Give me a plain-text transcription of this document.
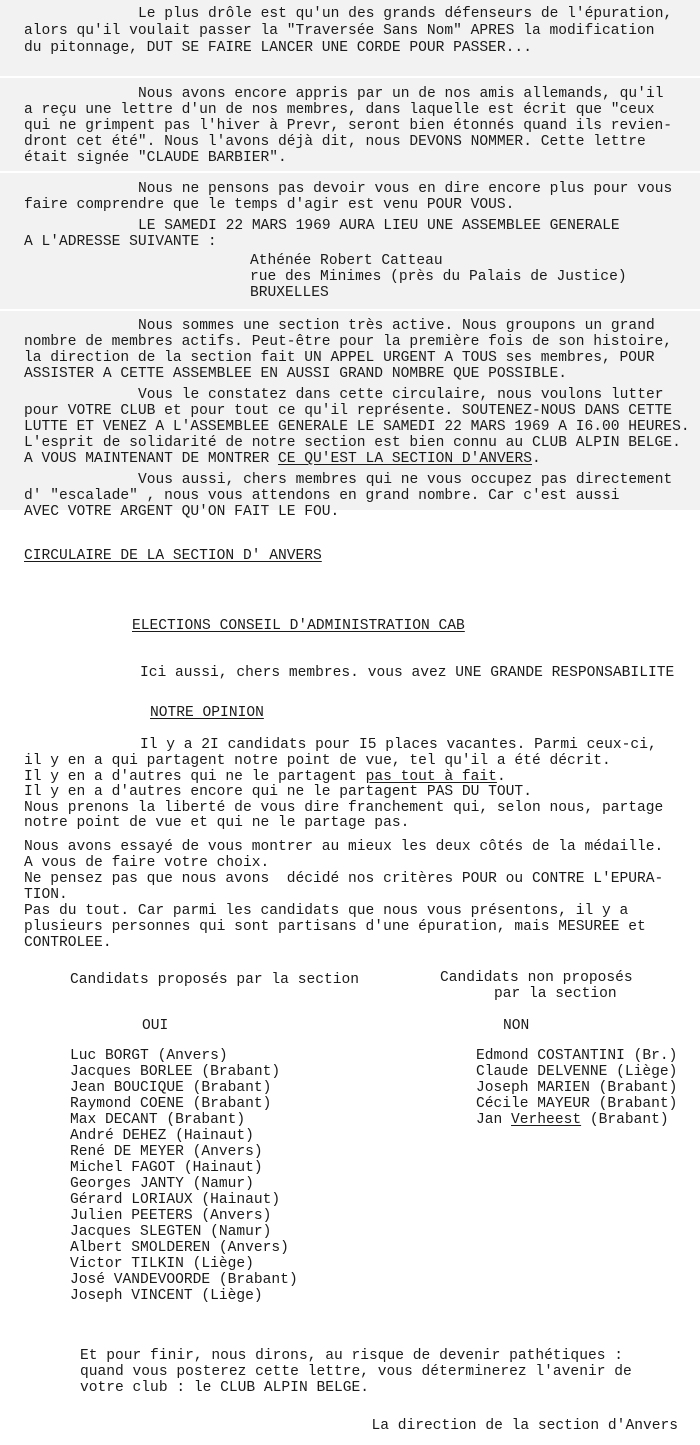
Le plus drôle est qu'un des grands défenseurs de l'épuration,
alors qu'il voulait passer la "Traversée Sans Nom" APRES la modification
du pitonnage, DUT SE FAIRE LANCER UNE CORDE POUR PASSER...
Nous avons encore appris par un de nos amis allemands, qu'il
a reçu une lettre d'un de nos membres, dans laquelle est écrit que "ceux
qui ne grimpent pas l'hiver à Prevr, seront bien étonnés quand ils revien-
dront cet été". Nous l'avons déjà dit, nous DEVONS NOMMER. Cette lettre
était signée "CLAUDE BARBIER".
Nous ne pensons pas devoir vous en dire encore plus pour vous
faire comprendre que le temps d'agir est venu POUR VOUS.
LE SAMEDI 22 MARS 1969 AURA LIEU UNE ASSEMBLEE GENERALE
A L'ADRESSE SUIVANTE :
Athénée Robert Catteau
rue des Minimes (près du Palais de Justice)
BRUXELLES
Nous sommes une section très active. Nous groupons un grand
nombre de membres actifs. Peut-être pour la première fois de son histoire,
la direction de la section fait UN APPEL URGENT A TOUS ses membres, POUR
ASSISTER A CETTE ASSEMBLEE EN AUSSI GRAND NOMBRE QUE POSSIBLE.
Vous le constatez dans cette circulaire, nous voulons lutter
pour VOTRE CLUB et pour tout ce qu'il représente. SOUTENEZ-NOUS DANS CETTE
LUTTE ET VENEZ A L'ASSEMBLEE GENERALE LE SAMEDI 22 MARS 1969 A I6.00 HEURES.
L'esprit de solidarité de notre section est bien connu au CLUB ALPIN BELGE.
A VOUS MAINTENANT DE MONTRER CE QU'EST LA SECTION D'ANVERS.
Vous aussi, chers membres qui ne vous occupez pas directement
d' "escalade" , nous vous attendons en grand nombre. Car c'est aussi
AVEC VOTRE ARGENT QU'ON FAIT LE FOU.
CIRCULAIRE DE LA SECTION D' ANVERS
ELECTIONS CONSEIL D'ADMINISTRATION CAB
Ici aussi, chers membres. vous avez UNE GRANDE RESPONSABILITE
NOTRE OPINION
Il y a 2I candidats pour I5 places vacantes. Parmi ceux-ci,
il y en a qui partagent notre point de vue, tel qu'il a été décrit.
Il y en a d'autres qui ne le partagent pas tout à fait.
Il y en a d'autres encore qui ne le partagent PAS DU TOUT.
Nous prenons la liberté de vous dire franchement qui, selon nous, partage
notre point de vue et qui ne le partage pas.
Nous avons essayé de vous montrer au mieux les deux côtés de la médaille.
A vous de faire votre choix.
Ne pensez pas que nous avons  décidé nos critères POUR ou CONTRE L'EPURA-
TION.
Pas du tout. Car parmi les candidats que nous vous présentons, il y a
plusieurs personnes qui sont partisans d'une épuration, mais MESUREE et
CONTROLEE.
Candidats proposés par la section
OUI
Candidats non proposés
par la section
NON
Luc BORGT (Anvers)
Jacques BORLEE (Brabant)
Jean BOUCIQUE (Brabant)
Raymond COENE (Brabant)
Max DECANT (Brabant)
André DEHEZ (Hainaut)
René DE MEYER (Anvers)
Michel FAGOT (Hainaut)
Georges JANTY (Namur)
Gérard LORIAUX (Hainaut)
Julien PEETERS (Anvers)
Jacques SLEGTEN (Namur)
Albert SMOLDEREN (Anvers)
Victor TILKIN (Liège)
José VANDEVOORDE (Brabant)
Joseph VINCENT (Liège)
Edmond COSTANTINI (Br.)
Claude DELVENNE (Liège)
Joseph MARIEN (Brabant)
Cécile MAYEUR (Brabant)
Jan Verheest (Brabant)
Et pour finir, nous dirons, au risque de devenir pathétiques :
quand vous posterez cette lettre, vous déterminerez l'avenir de
votre club : le CLUB ALPIN BELGE.
La direction de la section d'Anvers
